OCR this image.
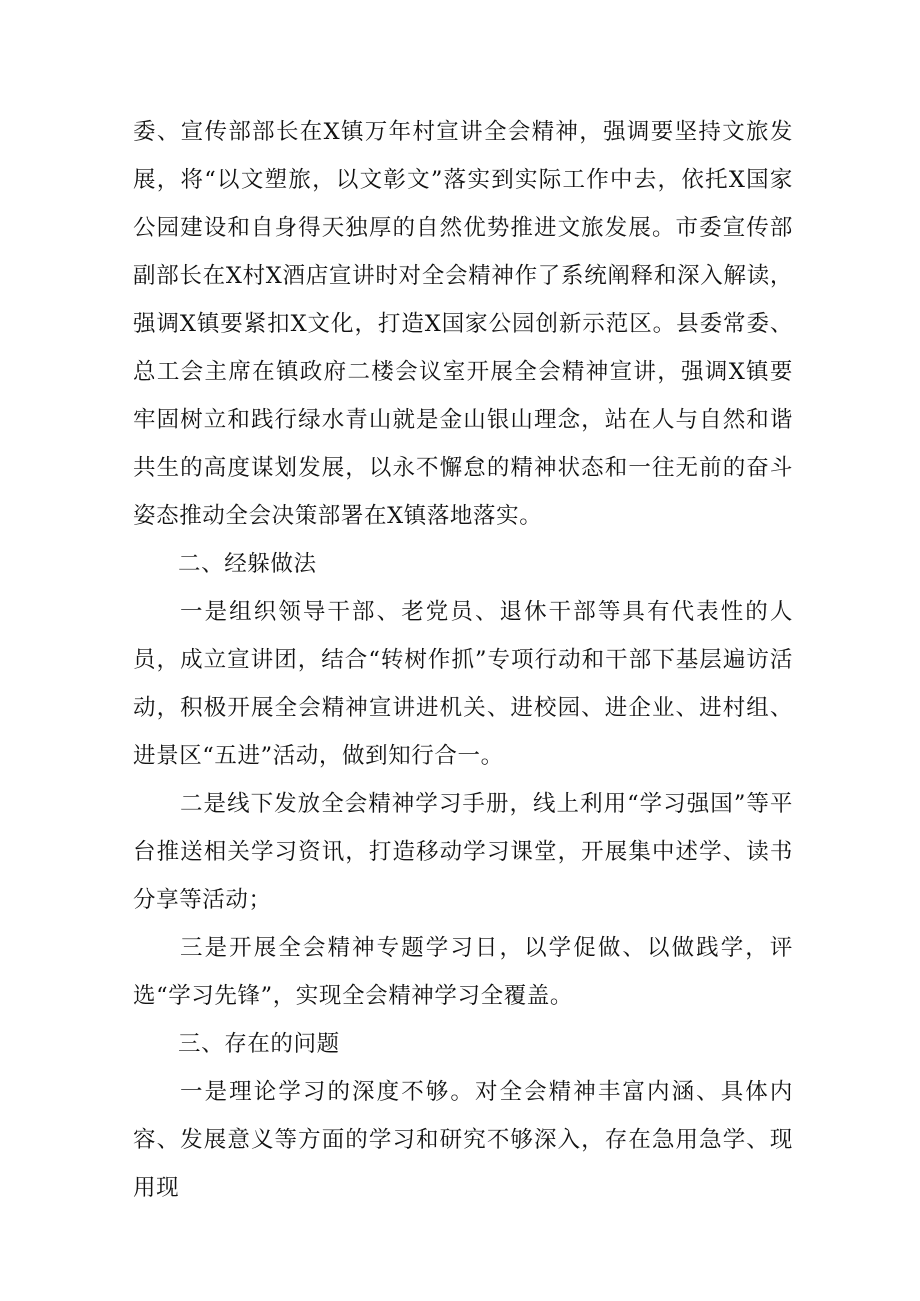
委、宣传部部长在X镇万年村宣讲全会精神，强调要坚持文旅发展，将“以文塑旅，以文彰文”落实到实际工作中去，依托X国家公园建设和自身得天独厚的自然优势推进文旅发展。市委宣传部副部长在X村X酒店宣讲时对全会精神作了系统阐释和深入解读，强调X镇要紧扣X文化，打造X国家公园创新示范区。县委常委、总工会主席在镇政府二楼会议室开展全会精神宣讲，强调X镇要牢固树立和践行绿水青山就是金山银山理念，站在人与自然和谐共生的高度谋划发展，以永不懈怠的精神状态和一往无前的奋斗姿态推动全会决策部署在X镇落地落实。

二、经躲做法

一是组织领导干部、老党员、退休干部等具有代表性的人员，成立宣讲团，结合“转树作抓”专项行动和干部下基层遍访活动，积极开展全会精神宣讲进机关、进校园、进企业、进村组、进景区“五进”活动，做到知行合一。

二是线下发放全会精神学习手册，线上利用“学习强国”等平台推送相关学习资讯，打造移动学习课堂，开展集中述学、读书分享等活动；

三是开展全会精神专题学习日，以学促做、以做践学，评选“学习先锋”，实现全会精神学习全覆盖。

三、存在的问题

一是理论学习的深度不够。对全会精神丰富内涵、具体内容、发展意义等方面的学习和研究不够深入，存在急用急学、现用现
